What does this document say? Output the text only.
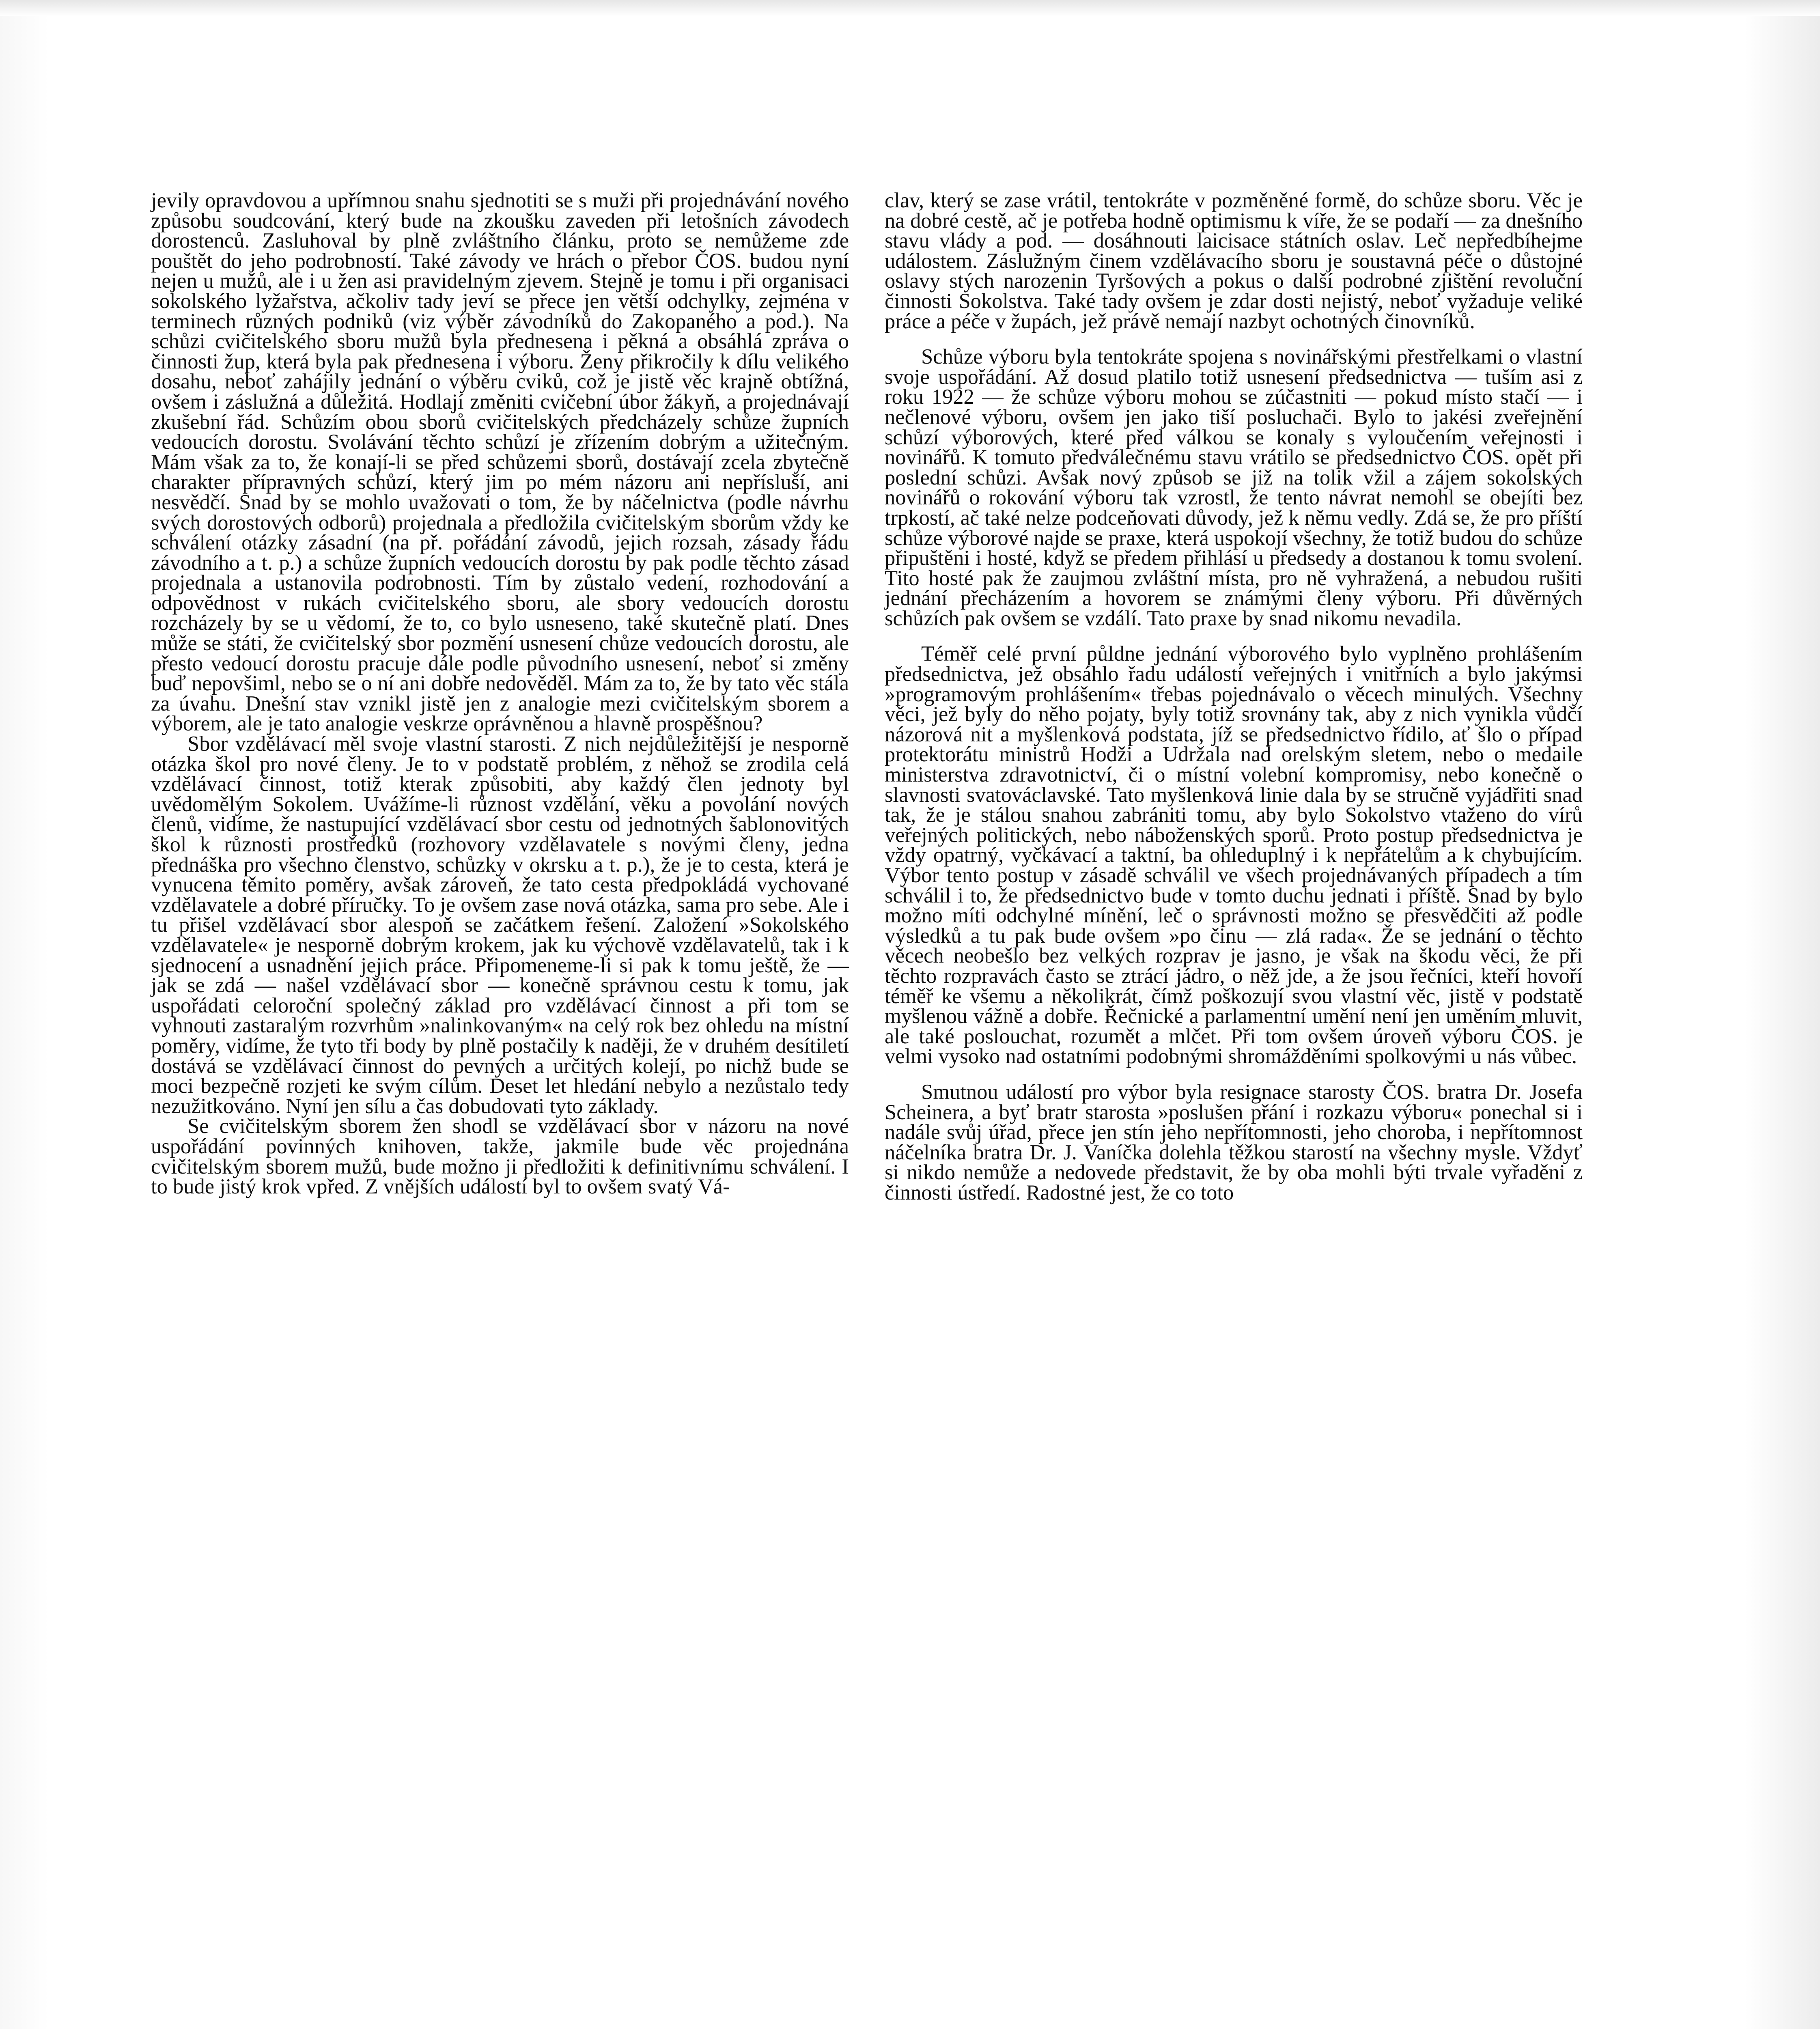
jevily opravdovou a upřímnou snahu sjednotiti se s muži při projednávání nového způsobu soudcování, který bude na zkoušku zaveden při letošních závodech dorostenců. Zasluhoval by plně zvláštního článku, proto se nemůžeme zde pouštět do jeho podrobností. Také závody ve hrách o přebor ČOS. budou nyní nejen u mužů, ale i u žen asi pravidelným zjevem. Stejně je tomu i při organisaci sokolského lyžařstva, ačkoliv tady jeví se přece jen větší odchylky, zejména v terminech různých podniků (viz výběr závodníků do Zakopaného a pod.). Na schůzi cvičitelského sboru mužů byla přednesena i pěkná a obsáhlá zpráva o činnosti žup, která byla pak přednesena i výboru. Ženy přikročily k dílu velikého dosahu, neboť zahájily jednání o výběru cviků, což je jistě věc krajně obtížná, ovšem i záslužná a důležitá. Hodlají změniti cvičební úbor žákyň, a projednávají zkušební řád. Schůzím obou sborů cvičitelských předcházely schůze župních vedoucích dorostu. Svolávání těchto schůzí je zřízením dobrým a užitečným. Mám však za to, že konají-li se před schůzemi sborů, dostávají zcela zbytečně charakter přípravných schůzí, který jim po mém názoru ani nepřísluší, ani nesvědčí. Snad by se mohlo uvažovati o tom, že by náčelnictva (podle návrhu svých dorostových odborů) projednala a předložila cvičitelským sborům vždy ke schválení otázky zásadní (na př. pořádání závodů, jejich rozsah, zásady řádu závodního a t. p.) a schůze župních vedoucích dorostu by pak podle těchto zásad projednala a ustanovila podrobnosti. Tím by zůstalo vedení, rozhodování a odpovědnost v rukách cvičitelského sboru, ale sbory vedoucích dorostu rozcházely by se u vědomí, že to, co bylo usneseno, také skutečně platí. Dnes může se státi, že cvičitelský sbor pozmění usnesení chůze vedoucích dorostu, ale přesto vedoucí dorostu pracuje dále podle původního usnesení, neboť si změny buď nepovšiml, nebo se o ní ani dobře nedověděl. Mám za to, že by tato věc stála za úvahu. Dnešní stav vznikl jistě jen z analogie mezi cvičitelským sborem a výborem, ale je tato analogie veskrze oprávněnou a hlavně prospěšnou?

Sbor vzdělávací měl svoje vlastní starosti. Z nich nejdůležitější je nesporně otázka škol pro nové členy. Je to v podstatě problém, z něhož se zrodila celá vzdělávací činnost, totiž kterak způsobiti, aby každý člen jednoty byl uvědomělým Sokolem. Uvážíme-li různost vzdělání, věku a povolání nových členů, vidíme, že nastupující vzdělávací sbor cestu od jednotných šablonovitých škol k různosti prostředků (rozhovory vzdělavatele s novými členy, jedna přednáška pro všechno členstvo, schůzky v okrsku a t. p.), že je to cesta, která je vynucena těmito poměry, avšak zároveň, že tato cesta předpokládá vychované vzdělavatele a dobré příručky. To je ovšem zase nová otázka, sama pro sebe. Ale i tu přišel vzdělávací sbor alespoň se začátkem řešení. Založení »Sokolského vzdělavatele« je nesporně dobrým krokem, jak ku výchově vzdělavatelů, tak i k sjednocení a usnadnění jejich práce. Připomeneme-li si pak k tomu ještě, že — jak se zdá — našel vzdělávací sbor — konečně správnou cestu k tomu, jak uspořádati celoroční společný základ pro vzdělávací činnost a při tom se vyhnouti zastaralým rozvrhům »nalinkovaným« na celý rok bez ohledu na místní poměry, vidíme, že tyto tři body by plně postačily k naději, že v druhém desítiletí dostává se vzdělávací činnost do pevných a určitých kolejí, po nichž bude se moci bezpečně rozjeti ke svým cílům. Deset let hledání nebylo a nezůstalo tedy nezužitkováno. Nyní jen sílu a čas dobudovati tyto základy.

Se cvičitelským sborem žen shodl se vzdělávací sbor v názoru na nové uspořádání povinných knihoven, takže, jakmile bude věc projednána cvičitelským sborem mužů, bude možno ji předložiti k definitivnímu schválení. I to bude jistý krok vpřed. Z vnějších událostí byl to ovšem svatý Vá-

clav, který se zase vrátil, tentokráte v pozměněné formě, do schůze sboru. Věc je na dobré cestě, ač je potřeba hodně optimismu k víře, že se podaří — za dnešního stavu vlády a pod. — dosáhnouti laicisace státních oslav. Leč nepředbíhejme událostem. Záslužným činem vzdělávacího sboru je soustavná péče o důstojné oslavy stých narozenin Tyršových a pokus o další podrobné zjištění revoluční činnosti Sokolstva. Také tady ovšem je zdar dosti nejistý, neboť vyžaduje veliké práce a péče v župách, jež právě nemají nazbyt ochotných činovníků.

Schůze výboru byla tentokráte spojena s novinářskými přestřelkami o vlastní svoje uspořádání. Až dosud platilo totiž usnesení předsednictva — tuším asi z roku 1922 — že schůze výboru mohou se zúčastniti — pokud místo stačí — i nečlenové výboru, ovšem jen jako tiší posluchači. Bylo to jakési zveřejnění schůzí výborových, které před válkou se konaly s vyloučením veřejnosti i novinářů. K tomuto předválečnému stavu vrátilo se předsednictvo ČOS. opět při poslední schůzi. Avšak nový způsob se již na tolik vžil a zájem sokolských novinářů o rokování výboru tak vzrostl, že tento návrat nemohl se obejíti bez trpkostí, ač také nelze podceňovati důvody, jež k němu vedly. Zdá se, že pro příští schůze výborové najde se praxe, která uspokojí všechny, že totiž budou do schůze připuštěni i hosté, když se předem přihlásí u předsedy a dostanou k tomu svolení. Tito hosté pak že zaujmou zvláštní místa, pro ně vyhražená, a nebudou rušiti jednání přecházením a hovorem se známými členy výboru. Při důvěrných schůzích pak ovšem se vzdálí. Tato praxe by snad nikomu nevadila.

Téměř celé první půldne jednání výborového bylo vyplněno prohlášením předsednictva, jež obsáhlo řadu událostí veřejných i vnitřních a bylo jakýmsi »programovým prohlášením« třebas pojednávalo o věcech minulých. Všechny věci, jež byly do něho pojaty, byly totiž srovnány tak, aby z nich vynikla vůdčí názorová nit a myšlenková podstata, jíž se předsednictvo řídilo, ať šlo o případ protektorátu ministrů Hodži a Udržala nad orelským sletem, nebo o medaile ministerstva zdravotnictví, či o místní volební kompromisy, nebo konečně o slavnosti svatováclavské. Tato myšlenková linie dala by se stručně vyjádřiti snad tak, že je stálou snahou zabrániti tomu, aby bylo Sokolstvo vtaženo do vírů veřejných politických, nebo náboženských sporů. Proto postup předsednictva je vždy opatrný, vyčkávací a taktní, ba ohleduplný i k nepřátelům a k chybujícím. Výbor tento postup v zásadě schválil ve všech projednávaných případech a tím schválil i to, že předsednictvo bude v tomto duchu jednati i příště. Snad by bylo možno míti odchylné mínění, leč o správnosti možno se přesvědčiti až podle výsledků a tu pak bude ovšem »po činu — zlá rada«. Že se jednání o těchto věcech neobešlo bez velkých rozprav je jasno, je však na škodu věci, že při těchto rozpravách často se ztrácí jádro, o něž jde, a že jsou řečníci, kteří hovoří téměř ke všemu a několikrát, čímž poškozují svou vlastní věc, jistě v podstatě myšlenou vážně a dobře. Řečnické a parlamentní umění není jen uměním mluvit, ale také poslouchat, rozumět a mlčet. Při tom ovšem úroveň výboru ČOS. je velmi vysoko nad ostatními podobnými shromážděními spolkovými u nás vůbec.

Smutnou událostí pro výbor byla resignace starosty ČOS. bratra Dr. Josefa Scheinera, a byť bratr starosta »poslušen přání i rozkazu výboru« ponechal si i nadále svůj úřad, přece jen stín jeho nepřítomnosti, jeho choroba, i nepřítomnost náčelníka bratra Dr. J. Vaníčka dolehla těžkou starostí na všechny mysle. Vždyť si nikdo nemůže a nedovede představit, že by oba mohli býti trvale vyřaděni z činnosti ústředí. Radostné jest, že co toto
